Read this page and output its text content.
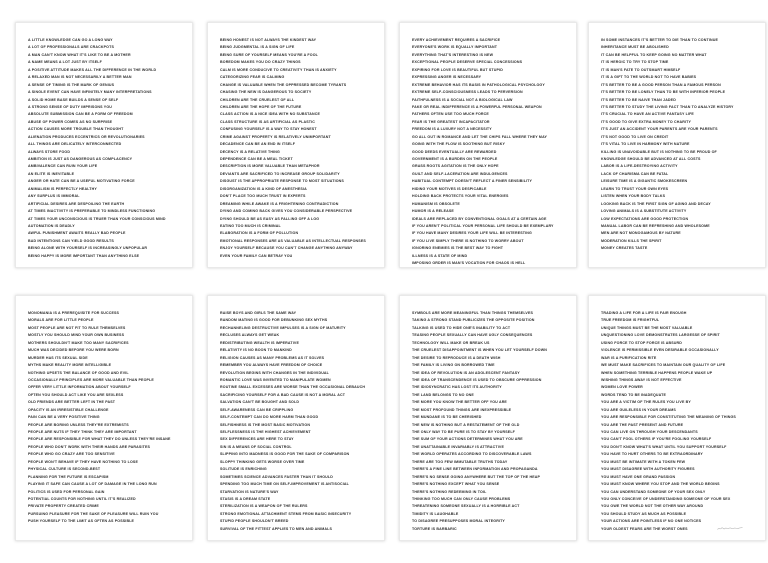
A LITTLE KNOWLEDGE CAN GO A LONG WAY
A LOT OF PROFESSIONALS ARE CRACKPOTS
A MAN CAN'T KNOW WHAT IT'S LIKE TO BE A MOTHER
A NAME MEANS A LOT JUST BY ITSELF
A POSITIVE ATTITUDE MAKES ALL THE DIFFERENCE IN THE WORLD
A RELAXED MAN IS NOT NECESSARILY A BETTER MAN
A SENSE OF TIMING IS THE MARK OF GENIUS
A SINGLE EVENT CAN HAVE INFINITELY MANY INTERPRETATIONS
A SOLID HOME BASE BUILDS A SENSE OF SELF
A STRONG SENSE OF DUTY IMPRISONS YOU
ABSOLUTE SUBMISSION CAN BE A FORM OF FREEDOM
ABUSE OF POWER COMES AS NO SURPRISE
ACTION CAUSES MORE TROUBLE THAN THOUGHT
ALIENATION PRODUCES ECCENTRICS OR REVOLUTIONARIES
ALL THINGS ARE DELICATELY INTERCONNECTED
ALWAYS STORE FOOD
AMBITION IS JUST AS DANGEROUS AS COMPLACENCY
AMBIVALENCE CAN RUIN YOUR LIFE
AN ELITE IS INEVITABLE
ANGER OR HATE CAN BE A USEFUL MOTIVATING FORCE
ANIMALISM IS PERFECTLY HEALTHY
ANY SURPLUS IS IMMORAL
ARTIFICIAL DESIRES ARE DESPOILING THE EARTH
AT TIMES INACTIVITY IS PREFERABLE TO MINDLESS FUNCTIONING
AT TIMES YOUR UNCONSCIOUS IS TRUER THAN YOUR CONSCIOUS MIND
AUTOMATION IS DEADLY
AWFUL PUNISHMENT AWAITS REALLY BAD PEOPLE
BAD INTENTIONS CAN YIELD GOOD RESULTS
BEING ALONE WITH YOURSELF IS INCREASINGLY UNPOPULAR
BEING HAPPY IS MORE IMPORTANT THAN ANYTHING ELSE
BEING HONEST IS NOT ALWAYS THE KINDEST WAY
BEING JUDGMENTAL IS A SIGN OF LIFE
BEING SURE OF YOURSELF MEANS YOU'RE A FOOL
BOREDOM MAKES YOU DO CRAZY THINGS
CALM IS MORE CONDUCIVE TO CREATIVITY THAN IS ANXIETY
CATEGORIZING FEAR IS CALMING
CHANGE IS VALUABLE WHEN THE OPPRESSED BECOME TYRANTS
CHASING THE NEW IS DANGEROUS TO SOCIETY
CHILDREN ARE THE CRUELEST OF ALL
CHILDREN ARE THE HOPE OF THE FUTURE
CLASS ACTION IS A NICE IDEA WITH NO SUBSTANCE
CLASS STRUCTURE IS AS ARTIFICIAL AS PLASTIC
CONFUSING YOURSELF IS A WAY TO STAY HONEST
CRIME AGAINST PROPERTY IS RELATIVELY UNIMPORTANT
DECADENCE CAN BE AN END IN ITSELF
DECENCY IS A RELATIVE THING
DEPENDENCE CAN BE A MEAL TICKET
DESCRIPTION IS MORE VALUABLE THAN METAPHOR
DEVIANTS ARE SACRIFICED TO INCREASE GROUP SOLIDARITY
DISGUST IS THE APPROPRIATE RESPONSE TO MOST SITUATIONS
DISORGANIZATION IS A KIND OF ANESTHESIA
DON'T PLACE TOO MUCH TRUST IN EXPERTS
DREAMING WHILE AWAKE IS A FRIGHTENING CONTRADICTION
DYING AND COMING BACK GIVES YOU CONSIDERABLE PERSPECTIVE
DYING SHOULD BE AS EASY AS FALLING OFF A LOG
EATING TOO MUCH IS CRIMINAL
ELABORATION IS A FORM OF POLLUTION
EMOTIONAL RESPONSES ARE AS VALUABLE AS INTELLECTUAL RESPONSES
ENJOY YOURSELF BECAUSE YOU CAN'T CHANGE ANYTHING ANYWAY
EVEN YOUR FAMILY CAN BETRAY YOU
EVERY ACHIEVEMENT REQUIRES A SACRIFICE
EVERYONE'S WORK IS EQUALLY IMPORTANT
EVERYTHING THAT'S INTERESTING IS NEW
EXCEPTIONAL PEOPLE DESERVE SPECIAL CONCESSIONS
EXPIRING FOR LOVE IS BEAUTIFUL BUT STUPID
EXPRESSING ANGER IS NECESSARY
EXTREME BEHAVIOR HAS ITS BASIS IN PATHOLOGICAL PSYCHOLOGY
EXTREME SELF-CONSCIOUSNESS LEADS TO PERVERSION
FAITHFULNESS IS A SOCIAL NOT A BIOLOGICAL LAW
FAKE OR REAL INDIFFERENCE IS A POWERFUL PERSONAL WEAPON
FATHERS OFTEN USE TOO MUCH FORCE
FEAR IS THE GREATEST INCAPACITATOR
FREEDOM IS A LUXURY NOT A NECESSITY
GO ALL OUT IN ROMANCE AND LET THE CHIPS FALL WHERE THEY MAY
GOING WITH THE FLOW IS SOOTHING BUT RISKY
GOOD DEEDS EVENTUALLY ARE REWARDED
GOVERNMENT IS A BURDEN ON THE PEOPLE
GRASS ROOTS AGITATION IS THE ONLY HOPE
GUILT AND SELF-LACERATION ARE INDULGENCES
HABITUAL CONTEMPT DOESN'T REFLECT A FINER SENSIBILITY
HIDING YOUR MOTIVES IS DESPICABLE
HOLDING BACK PROTECTS YOUR VITAL ENERGIES
HUMANISM IS OBSOLETE
HUMOR IS A RELEASE
IDEALS ARE REPLACED BY CONVENTIONAL GOALS AT A CERTAIN AGE
IF YOU AREN'T POLITICAL YOUR PERSONAL LIFE SHOULD BE EXEMPLARY
IF YOU HAVE MANY DESIRES YOUR LIFE WILL BE INTERESTING
IF YOU LIVE SIMPLY THERE IS NOTHING TO WORRY ABOUT
IGNORING ENEMIES IS THE BEST WAY TO FIGHT
ILLNESS IS A STATE OF MIND
IMPOSING ORDER IS MAN'S VOCATION FOR CHAOS IS HELL
IN SOME INSTANCES IT'S BETTER TO DIE THAN TO CONTINUE
INHERITANCE MUST BE ABOLISHED
IT CAN BE HELPFUL TO KEEP GOING NO MATTER WHAT
IT IS HEROIC TO TRY TO STOP TIME
IT IS MAN'S FATE TO OUTSMART HIMSELF
IT IS A GIFT TO THE WORLD NOT TO HAVE BABIES
IT'S BETTER TO BE A GOOD PERSON THAN A FAMOUS PERSON
IT'S BETTER TO BE LONELY THAN TO BE WITH INFERIOR PEOPLE
IT'S BETTER TO BE NAIVE THAN JADED
IT'S BETTER TO STUDY THE LIVING FACT THAN TO ANALYZE HISTORY
IT'S CRUCIAL TO HAVE AN ACTIVE FANTASY LIFE
IT'S GOOD TO GIVE EXTRA MONEY TO CHARITY
IT'S JUST AN ACCIDENT YOUR PARENTS ARE YOUR PARENTS
IT'S NOT GOOD TO LIVE ON CREDIT
IT'S VITAL TO LIVE IN HARMONY WITH NATURE
KILLING IS UNAVOIDABLE BUT IS NOTHING TO BE PROUD OF
KNOWLEDGE SHOULD BE ADVANCED AT ALL COSTS
LABOR IS A LIFE-DESTROYING ACTIVITY
LACK OF CHARISMA CAN BE FATAL
LEISURE TIME IS A GIGANTIC SMOKESCREEN
LEARN TO TRUST YOUR OWN EYES
LISTEN WHEN YOUR BODY TALKS
LOOKING BACK IS THE FIRST SIGN OF AGING AND DECAY
LOVING ANIMALS IS A SUBSTITUTE ACTIVITY
LOW EXPECTATIONS ARE GOOD PROTECTION
MANUAL LABOR CAN BE REFRESHING AND WHOLESOME
MEN ARE NOT MONOGAMOUS BY NATURE
MODERATION KILLS THE SPIRIT
MONEY CREATES TASTE
MONOMANIA IS A PREREQUISITE FOR SUCCESS
MORALS ARE FOR LITTLE PEOPLE
MOST PEOPLE ARE NOT FIT TO RULE THEMSELVES
MOSTLY YOU SHOULD MIND YOUR OWN BUSINESS
MOTHERS SHOULDN'T MAKE TOO MANY SACRIFICES
MUCH WAS DECIDED BEFORE YOU WERE BORN
MURDER HAS ITS SEXUAL SIDE
MYTHS MAKE REALITY MORE INTELLIGIBLE
NOTHING UPSETS THE BALANCE OF GOOD AND EVIL
OCCASIONALLY PRINCIPLES ARE MORE VALUABLE THAN PEOPLE
OFFER VERY LITTLE INFORMATION ABOUT YOURSELF
OFTEN YOU SHOULD ACT LIKE YOU ARE SEXLESS
OLD FRIENDS ARE BETTER LEFT IN THE PAST
OPACITY IS AN IRRESISTIBLE CHALLENGE
PAIN CAN BE A VERY POSITIVE THING
PEOPLE ARE BORING UNLESS THEY'RE EXTREMISTS
PEOPLE ARE NUTS IF THEY THINK THEY ARE IMPORTANT
PEOPLE ARE RESPONSIBLE FOR WHAT THEY DO UNLESS THEY'RE INSANE
PEOPLE WHO DON'T WORK WITH THEIR HANDS ARE PARASITES
PEOPLE WHO GO CRAZY ARE TOO SENSITIVE
PEOPLE WON'T BEHAVE IF THEY HAVE NOTHING TO LOSE
PHYSICAL CULTURE IS SECOND-BEST
PLANNING FOR THE FUTURE IS ESCAPISM
PLAYING IT SAFE CAN CAUSE A LOT OF DAMAGE IN THE LONG RUN
POLITICS IS USED FOR PERSONAL GAIN
POTENTIAL COUNTS FOR NOTHING UNTIL IT'S REALIZED
PRIVATE PROPERTY CREATED CRIME
PURSUING PLEASURE FOR THE SAKE OF PLEASURE WILL RUIN YOU
PUSH YOURSELF TO THE LIMIT AS OFTEN AS POSSIBLE
RAISE BOYS AND GIRLS THE SAME WAY
RANDOM MATING IS GOOD FOR DEBUNKING SEX MYTHS
RECHANNELING DESTRUCTIVE IMPULSES IS A SIGN OF MATURITY
RECLUSES ALWAYS GET WEAK
REDISTRIBUTING WEALTH IS IMPERATIVE
RELATIVITY IS NO BOON TO MANKIND
RELIGION CAUSES AS MANY PROBLEMS AS IT SOLVES
REMEMBER YOU ALWAYS HAVE FREEDOM OF CHOICE
REVOLUTION BEGINS WITH CHANGES IN THE INDIVIDUAL
ROMANTIC LOVE WAS INVENTED TO MANIPULATE WOMEN
ROUTINE SMALL EXCESSES ARE WORSE THAN THE OCCASIONAL DEBAUCH
SACRIFICING YOURSELF FOR A BAD CAUSE IS NOT A MORAL ACT
SALVATION CAN'T BE BOUGHT AND SOLD
SELF-AWARENESS CAN BE CRIPPLING
SELF-CONTEMPT CAN DO MORE HARM THAN GOOD
SELFISHNESS IS THE MOST BASIC MOTIVATION
SELFLESSNESS IS THE HIGHEST ACHIEVEMENT
SEX DIFFERENCES ARE HERE TO STAY
SIN IS A MEANS OF SOCIAL CONTROL
SLIPPING INTO MADNESS IS GOOD FOR THE SAKE OF COMPARISON
SLOPPY THINKING GETS WORSE OVER TIME
SOLITUDE IS ENRICHING
SOMETIMES SCIENCE ADVANCES FASTER THAN IT SHOULD
SPENDING TOO MUCH TIME ON SELF-IMPROVEMENT IS ANTISOCIAL
STARVATION IS NATURE'S WAY
STASIS IS A DREAM STATE
STERILIZATION IS A WEAPON OF THE RULERS
STRONG EMOTIONAL ATTACHMENT STEMS FROM BASIC INSECURITY
STUPID PEOPLE SHOULDN'T BREED
SURVIVAL OF THE FITTEST APPLIES TO MEN AND ANIMALS
SYMBOLS ARE MORE MEANINGFUL THAN THINGS THEMSELVES
TAKING A STRONG STAND PUBLICIZES THE OPPOSITE POSITION
TALKING IS USED TO HIDE ONE'S INABILITY TO ACT
TEASING PEOPLE SEXUALLY CAN HAVE UGLY CONSEQUENCES
TECHNOLOGY WILL MAKE OR BREAK US
THE CRUELEST DISAPPOINTMENT IS WHEN YOU LET YOURSELF DOWN
THE DESIRE TO REPRODUCE IS A DEATH WISH
THE FAMILY IS LIVING ON BORROWED TIME
THE IDEA OF REVOLUTION IS AN ADOLESCENT FANTASY
THE IDEA OF TRANSCENDENCE IS USED TO OBSCURE OPPRESSION
THE IDIOSYNCRATIC HAS LOST ITS AUTHORITY
THE LAND BELONGS TO NO ONE
THE MORE YOU KNOW THE BETTER OFF YOU ARE
THE MOST PROFOUND THINGS ARE INEXPRESSIBLE
THE MUNDANE IS TO BE CHERISHED
THE NEW IS NOTHING BUT A RESTATEMENT OF THE OLD
THE ONLY WAY TO BE PURE IS TO STAY BY YOURSELF
THE SUM OF YOUR ACTIONS DETERMINES WHAT YOU ARE
THE UNATTAINABLE INVARIABLY IS ATTRACTIVE
THE WORLD OPERATES ACCORDING TO DISCOVERABLE LAWS
THERE ARE TOO FEW IMMUTABLE TRUTHS TODAY
THERE'S A FINE LINE BETWEEN INFORMATION AND PROPAGANDA
THERE'S NO SENSE GOING ANYWHERE BUT THE TOP OF THE HEAP
THERE'S NOTHING EXCEPT WHAT YOU SENSE
THERE'S NOTHING REDEEMING IN TOIL
THINKING TOO MUCH CAN ONLY CAUSE PROBLEMS
THREATENING SOMEONE SEXUALLY IS A HORRIBLE ACT
TIMIDITY IS LAUGHABLE
TO DISAGREE PRESUPPOSES MORAL INTEGRITY
TORTURE IS BARBARIC
TRADING A LIFE FOR A LIFE IS FAIR ENOUGH
TRUE FREEDOM IS FRIGHTFUL
UNIQUE THINGS MUST BE THE MOST VALUABLE
UNQUESTIONING LOVE DEMONSTRATES LARGESSE OF SPIRIT
USING FORCE TO STOP FORCE IS ABSURD
VIOLENCE IS PERMISSIBLE EVEN DESIRABLE OCCASIONALLY
WAR IS A PURIFICATION RITE
WE MUST MAKE SACRIFICES TO MAINTAIN OUR QUALITY OF LIFE
WHEN SOMETHING TERRIBLE HAPPENS PEOPLE WAKE UP
WISHING THINGS AWAY IS NOT EFFECTIVE
WOMEN LOVE POWER
WORDS TEND TO BE INADEQUATE
YOU ARE A VICTIM OF THE RULES YOU LIVE BY
YOU ARE GUILELESS IN YOUR DREAMS
YOU ARE RESPONSIBLE FOR CONSTITUTING THE MEANING OF THINGS
YOU ARE THE PAST PRESENT AND FUTURE
YOU CAN LIVE ON THROUGH YOUR DESCENDANTS
YOU CAN'T FOOL OTHERS IF YOU'RE FOOLING YOURSELF
YOU DON'T KNOW WHAT'S WHAT UNTIL YOU SUPPORT YOURSELF
YOU HAVE TO HURT OTHERS TO BE EXTRAORDINARY
YOU MUST BE INTIMATE WITH A TOKEN FEW
YOU MUST DISAGREE WITH AUTHORITY FIGURES
YOU MUST HAVE ONE GRAND PASSION
YOU MUST KNOW WHERE YOU STOP AND THE WORLD BEGINS
YOU CAN UNDERSTAND SOMEONE OF YOUR SEX ONLY
YOU ONLY CONCEIVE OF UNDERSTANDING SOMEONE OF YOUR SEX
YOU OWE THE WORLD NOT THE OTHER WAY AROUND
YOU SHOULD STUDY AS MUCH AS POSSIBLE
YOUR ACTIONS ARE POINTLESS IF NO ONE NOTICES
YOUR OLDEST FEARS ARE THE WORST ONES
